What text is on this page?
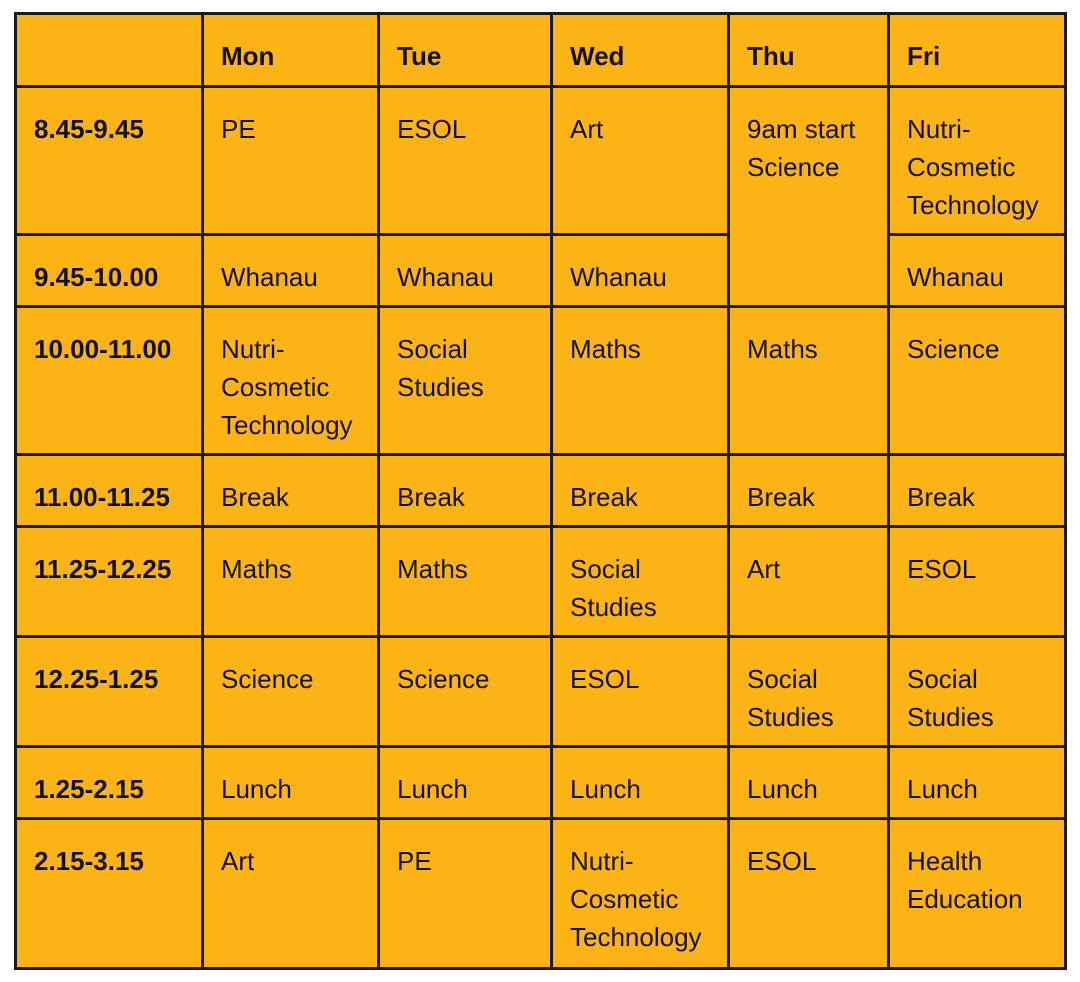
	Mon	Tue	Wed	Thu	Fri

8.45-9.45	PE	ESOL	Art	9am start
Science	Nutri-
Cosmetic
Technology

9.45-10.00	Whanau	Whanau	Whanau		Whanau

10.00-11.00	Nutri-
Cosmetic
Technology	Social
Studies	Maths	Maths	Science

11.00-11.25	Break	Break	Break	Break	Break

11.25-12.25	Maths	Maths	Social
Studies	Art	ESOL

12.25-1.25	Science	Science	ESOL	Social
Studies	Social
Studies

1.25-2.15	Lunch	Lunch	Lunch	Lunch	Lunch

2.15-3.15	Art	PE	Nutri-
Cosmetic
Technology	ESOL	Health
Education
